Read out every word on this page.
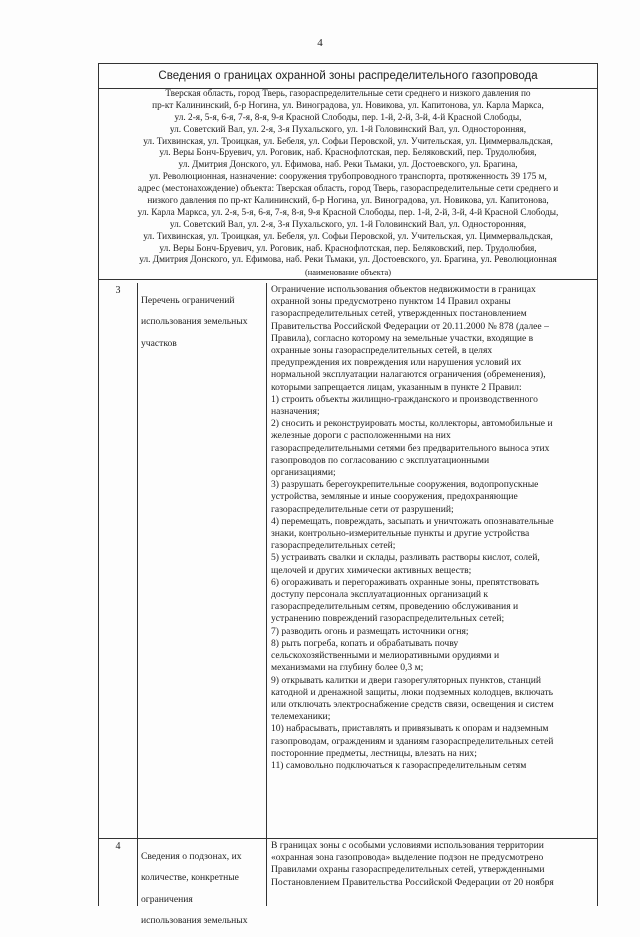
4
Сведения о границах охранной зоны распределительного газопровода
Тверская область, город Тверь, газораспределительные сети среднего и низкого давления по
пр-кт Калининский, б-р Ногина, ул. Виноградова, ул. Новикова, ул. Капитонова, ул. Карла Маркса,
ул. 2-я, 5-я, 6-я, 7-я, 8-я, 9-я Красной Слободы, пер. 1-й, 2-й, 3-й, 4-й Красной Слободы,
ул. Советский Вал, ул. 2-я, 3-я Пухальского, ул. 1-й Головинский Вал, ул. Односторонняя,
ул. Тихвинская, ул. Троицкая, ул. Бебеля, ул. Софьи Перовской, ул. Учительская, ул. Циммервальдская,
ул. Веры Бонч-Бруевич, ул. Роговик, наб. Краснофлотская, пер. Беляковский, пер. Трудолюбия,
ул. Дмитрия Донского, ул. Ефимова, наб. Реки Тьмаки, ул. Достоевского, ул. Брагина,
ул. Революционная, назначение: сооружения трубопроводного транспорта, протяженность 39 175 м,
адрес (местонахождение) объекта: Тверская область, город Тверь, газораспределительные сети среднего и
низкого давления по пр-кт Калининский, б-р Ногина, ул. Виноградова, ул. Новикова, ул. Капитонова,
ул. Карла Маркса, ул. 2-я, 5-я, 6-я, 7-я, 8-я, 9-я Красной Слободы, пер. 1-й, 2-й, 3-й, 4-й Красной Слободы,
ул. Советский Вал, ул. 2-я, 3-я Пухальского, ул. 1-й Головинский Вал, ул. Односторонняя,
ул. Тихвинская, ул. Троицкая, ул. Бебеля, ул. Софьи Перовской, ул. Учительская, ул. Циммервальдская,
ул. Веры Бонч-Бруевич, ул. Роговик, наб. Краснофлотская, пер. Беляковский, пер. Трудолюбия,
ул. Дмитрия Донского, ул. Ефимова, наб. Реки Тьмаки, ул. Достоевского, ул. Брагина, ул. Революционная
(наименование объекта)
3

Перечень ограничений

использования земельных

участков

Ограничение использования объектов недвижимости в границах

охранной зоны предусмотрено пунктом 14 Правил охраны

газораспределительных сетей, утвержденных постановлением

Правительства Российской Федерации от 20.11.2000 № 878 (далее –

Правила), согласно которому на земельные участки, входящие в

охранные зоны газораспределительных сетей, в целях

предупреждения их повреждения или нарушения условий их

нормальной эксплуатации налагаются ограничения (обременения),

которыми запрещается лицам, указанным в пункте 2 Правил:

1) строить объекты жилищно-гражданского и производственного

назначения;

2) сносить и реконструировать мосты, коллекторы, автомобильные и

железные дороги с расположенными на них

газораспределительными сетями без предварительного выноса этих

газопроводов по согласованию с эксплуатационными

организациями;

3) разрушать берегоукрепительные сооружения, водопропускные

устройства, земляные и иные сооружения, предохраняющие

газораспределительные сети от разрушений;

4) перемещать, повреждать, засыпать и уничтожать опознавательные

знаки, контрольно-измерительные пункты и другие устройства

газораспределительных сетей;

5) устраивать свалки и склады, разливать растворы кислот, солей,

щелочей и других химически активных веществ;

6) огораживать и перегораживать охранные зоны, препятствовать

доступу персонала эксплуатационных организаций к

газораспределительным сетям, проведению обслуживания и

устранению повреждений газораспределительных сетей;

7) разводить огонь и размещать источники огня;

8) рыть погреба, копать и обрабатывать почву

сельскохозяйственными и мелиоративными орудиями и

механизмами на глубину более 0,3 м;

9) открывать калитки и двери газорегуляторных пунктов, станций

катодной и дренажной защиты, люки подземных колодцев, включать

или отключать электроснабжение средств связи, освещения и систем

телемеханики;

10) набрасывать, приставлять и привязывать к опорам и надземным

газопроводам, ограждениям и зданиям газораспределительных сетей

посторонние предметы, лестницы, влезать на них;

11) самовольно подключаться к газораспределительным сетям

4

Сведения о подзонах, их

количестве, конкретные

ограничения

использования земельных

В границах зоны с особыми условиями использования территории

«охранная зона газопровода» выделение подзон не предусмотрено

Правилами охраны газораспределительных сетей, утвержденными

Постановлением Правительства Российской Федерации от 20 ноября
